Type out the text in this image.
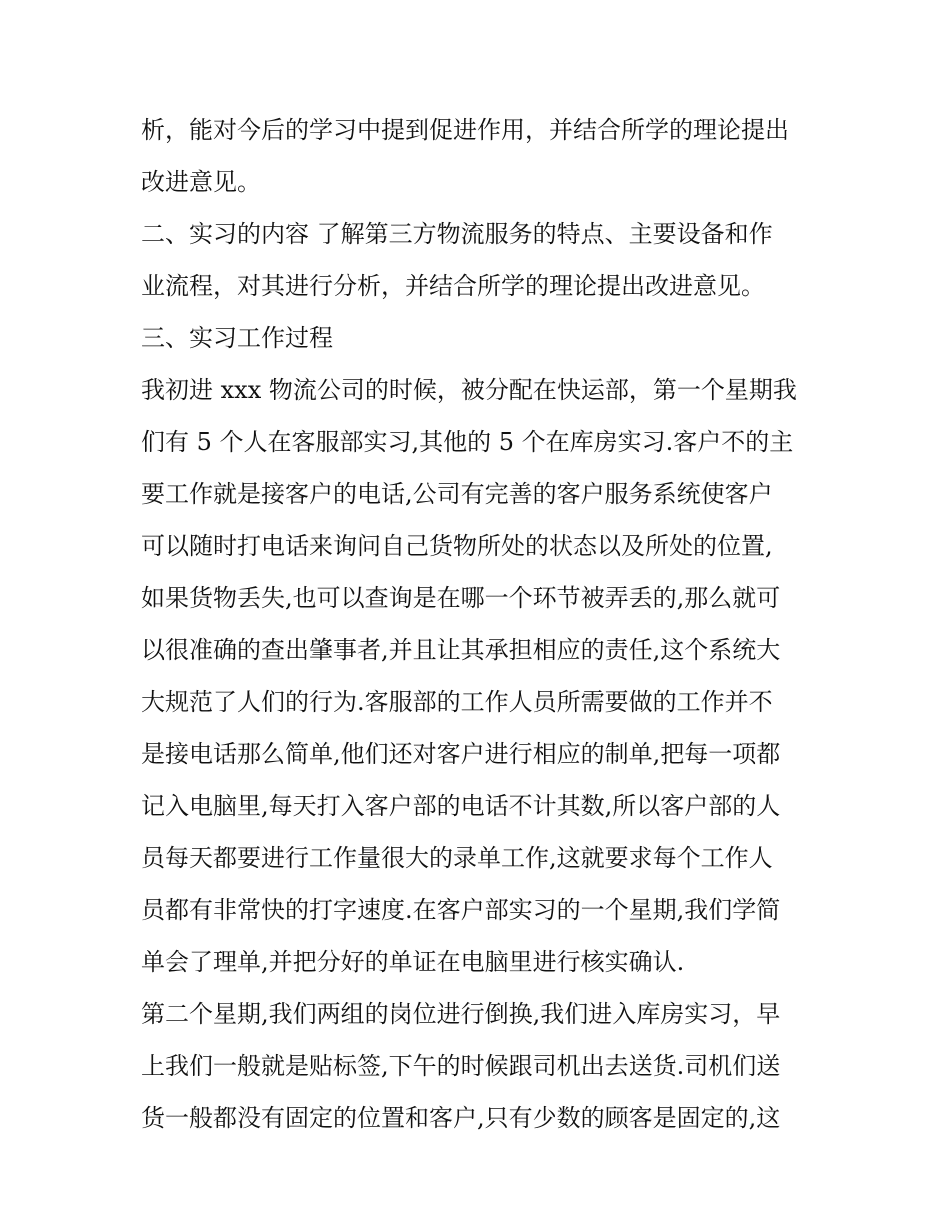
析，能对今后的学习中提到促进作用，并结合所学的理论提出
改进意见。
二、实习的内容 了解第三方物流服务的特点、主要设备和作
业流程，对其进行分析，并结合所学的理论提出改进意见。
三、实习工作过程
我初进 xxx 物流公司的时候，被分配在快运部，第一个星期我
们有 5 个人在客服部实习,其他的 5 个在库房实习.客户不的主
要工作就是接客户的电话,公司有完善的客户服务系统使客户
可以随时打电话来询问自己货物所处的状态以及所处的位置,
如果货物丢失,也可以查询是在哪一个环节被弄丢的,那么就可
以很准确的查出肇事者,并且让其承担相应的责任,这个系统大
大规范了人们的行为.客服部的工作人员所需要做的工作并不
是接电话那么简单,他们还对客户进行相应的制单,把每一项都
记入电脑里,每天打入客户部的电话不计其数,所以客户部的人
员每天都要进行工作量很大的录单工作,这就要求每个工作人
员都有非常快的打字速度.在客户部实习的一个星期,我们学简
单会了理单,并把分好的单证在电脑里进行核实确认.
第二个星期,我们两组的岗位进行倒换,我们进入库房实习，早
上我们一般就是贴标签,下午的时候跟司机出去送货.司机们送
货一般都没有固定的位置和客户,只有少数的顾客是固定的,这
